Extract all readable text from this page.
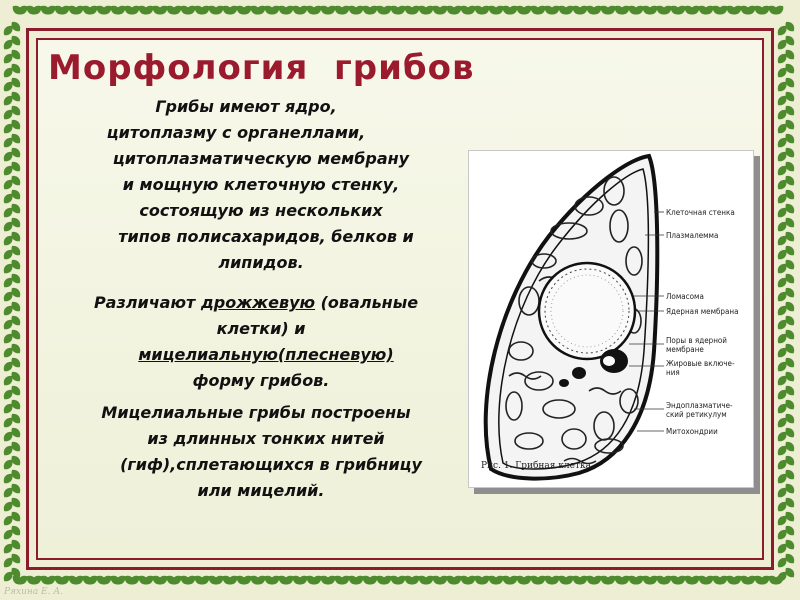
Морфология  грибов
Грибы имеют ядро,
цитоплазму с органеллами,
цитоплазматическую мембрану
и мощную клеточную стенку,
состоящую из нескольких
типов полисахаридов, белков и
липидов.
Различают дрожжевую (овальные
клетки) и
мицелиальную(плесневую)
форму грибов.
Мицелиальные грибы построены
из длинных тонких нитей
(гиф),сплетающихся в грибницу
или мицелий.
Клеточная стенка
Плазмалемма
Ломасома
Ядерная мембрана
Поры в ядерной
мембране
Жировые включе-
ния
Эндоплазматиче-
ский ретикулум
Митохондрии
Рис. 1. Грибная клетка.
Ряхина Е. А.
